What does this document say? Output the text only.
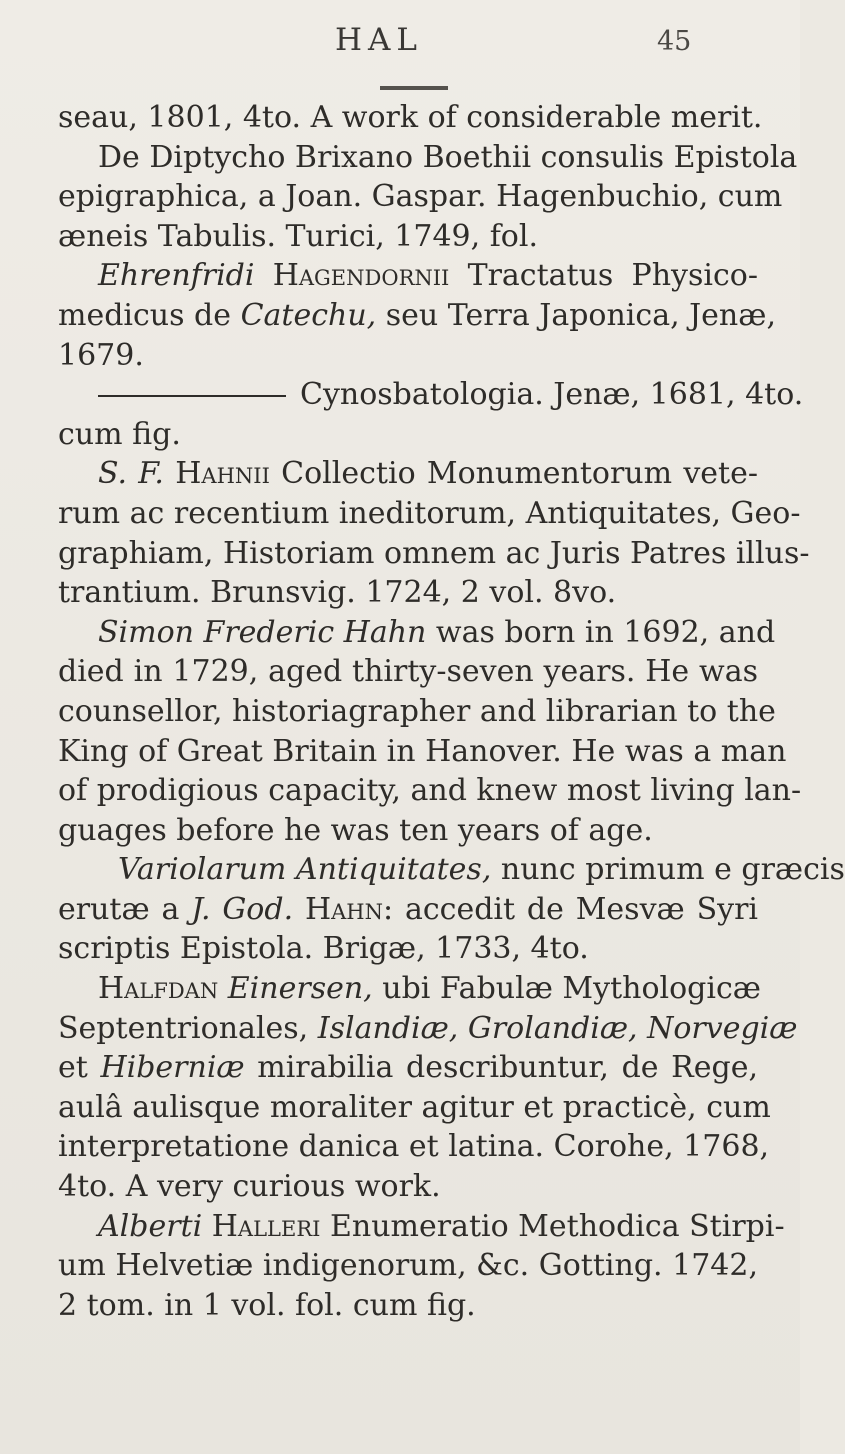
HAL	45
seau, 1801, 4to. A work of considerable merit.
De Diptycho Brixano Boethii consulis Epistola
epigraphica, a Joan. Gaspar. Hagenbuchio, cum
æneis Tabulis. Turici, 1749, fol.
Ehrenfridi Hagendornii Tractatus Physico-
medicus de Catechu, seu Terra Japonica, Jenæ,
1679.
Cynosbatologia. Jenæ, 1681, 4to.
cum fig.
S. F. Hahnii Collectio Monumentorum vete-
rum ac recentium ineditorum, Antiquitates, Geo-
graphiam, Historiam omnem ac Juris Patres illus-
trantium. Brunsvig. 1724, 2 vol. 8vo.
Simon Frederic Hahn was born in 1692, and
died in 1729, aged thirty-seven years. He was
counsellor, historiagrapher and librarian to the
King of Great Britain in Hanover. He was a man
of prodigious capacity, and knew most living lan-
guages before he was ten years of age.
Variolarum Antiquitates, nunc primum e græcis
erutæ a J. God. Hahn: accedit de Mesvæ Syri
scriptis Epistola. Brigæ, 1733, 4to.
Halfdan Einersen, ubi Fabulæ Mythologicæ
Septentrionales, Islandiæ, Grolandiæ, Norvegiæ
et Hiberniæ mirabilia describuntur, de Rege,
aulâ aulisque moraliter agitur et practicè, cum
interpretatione danica et latina. Corohe, 1768,
4to. A very curious work.
Alberti Halleri Enumeratio Methodica Stirpi-
um Helvetiæ indigenorum, &c. Gotting. 1742,
2 tom. in 1 vol. fol. cum fig.
